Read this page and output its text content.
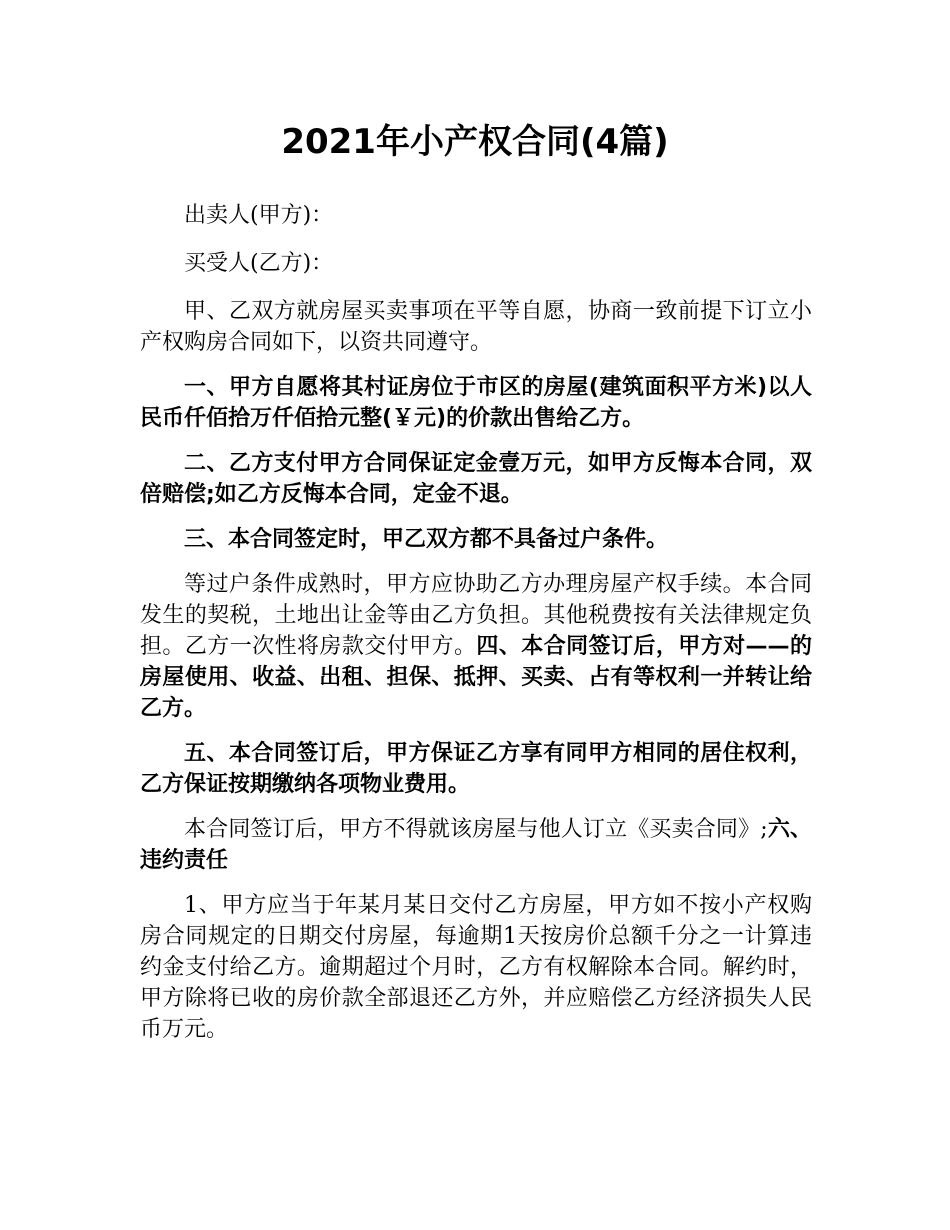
2021年小产权合同(4篇)

出卖人(甲方)：

买受人(乙方)：

甲、乙双方就房屋买卖事项在平等自愿，协商一致前提下订立小产权购房合同如下，以资共同遵守。

一、甲方自愿将其村证房位于市区的房屋(建筑面积平方米)以人民币仟佰拾万仟佰拾元整(￥元)的价款出售给乙方。

二、乙方支付甲方合同保证定金壹万元，如甲方反悔本合同，双倍赔偿;如乙方反悔本合同，定金不退。

三、本合同签定时，甲乙双方都不具备过户条件。

等过户条件成熟时，甲方应协助乙方办理房屋产权手续。本合同发生的契税，土地出让金等由乙方负担。其他税费按有关法律规定负担。乙方一次性将房款交付甲方。四、本合同签订后，甲方对——的房屋使用、收益、出租、担保、抵押、买卖、占有等权利一并转让给乙方。

五、本合同签订后，甲方保证乙方享有同甲方相同的居住权利，乙方保证按期缴纳各项物业费用。

本合同签订后，甲方不得就该房屋与他人订立《买卖合同》;六、违约责任

1、甲方应当于年某月某日交付乙方房屋，甲方如不按小产权购房合同规定的日期交付房屋，每逾期1天按房价总额千分之一计算违约金支付给乙方。逾期超过个月时，乙方有权解除本合同。解约时，甲方除将已收的房价款全部退还乙方外，并应赔偿乙方经济损失人民币万元。
